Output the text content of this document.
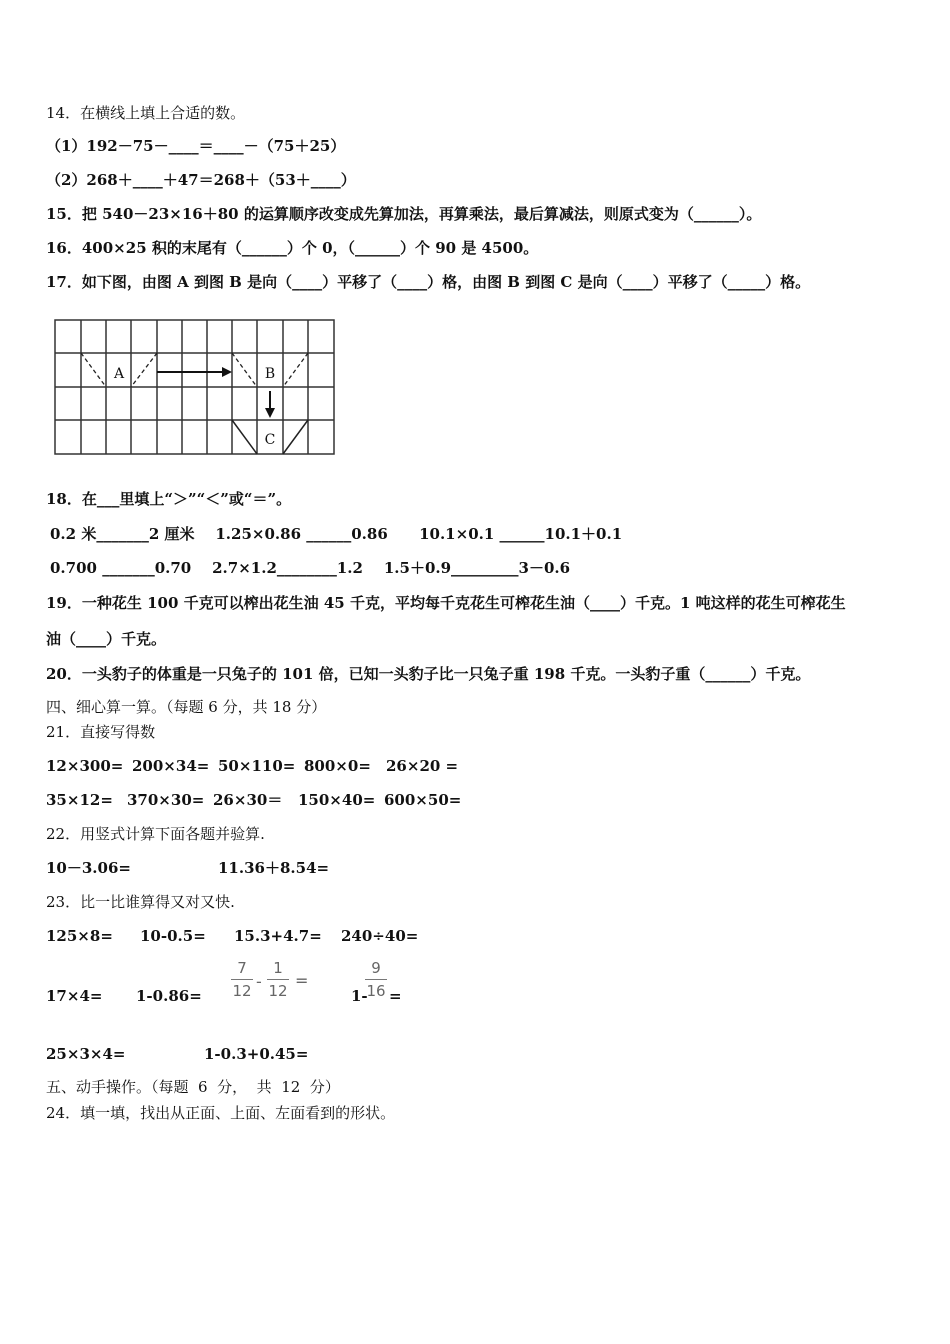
14．在横线上填上合适的数。
（1）192－75－____＝____－（75＋25）
（2）268＋____＋47＝268＋（53＋____）
15．把 540－23×16＋80 的运算顺序改变成先算加法，再算乘法，最后算减法，则原式变为（______）。
16．400×25 积的末尾有（______）个 0，（______）个 90 是 4500。
17．如下图，由图 A 到图 B 是向（____）平移了（____）格，由图 B 到图 C 是向（____）平移了（_____）格。
A	B
C
18．在___里填上“＞”“＜”或“＝”。
0.2 米_______2 厘米    1.25×0.86 ______0.86      10.1×0.1 ______10.1＋0.1
0.700 _______0.70    2.7×1.2________1.2    1.5＋0.9_________3－0.6
19．一种花生 100 千克可以榨出花生油 45 千克，平均每千克花生可榨花生油（____）千克。1 吨这样的花生可榨花生
油（____）千克。
20．一头豹子的体重是一只兔子的 101 倍，已知一头豹子比一只兔子重 198 千克。一头豹子重（______）千克。
四、细心算一算。（每题 6 分，共 18 分）
21．直接写得数
12×300= 200×34= 50×110= 800×0= 26×20 =
35×12= 370×30= 26×30＝ 150×40= 600×50=
22．用竖式计算下面各题并验算.
10－3.06=	11.36＋8.54=
23．比一比谁算得又对又快.
125×8= 10-0.5= 15.3+4.7= 240÷40=
17×4= 1-0.86=
7
12 -
1
12
=
1-
9
16 =
25×3×4=	1-0.3+0.45=
五、动手操作。（每题  6  分，  共  12  分）
24．填一填，找出从正面、上面、左面看到的形状。
